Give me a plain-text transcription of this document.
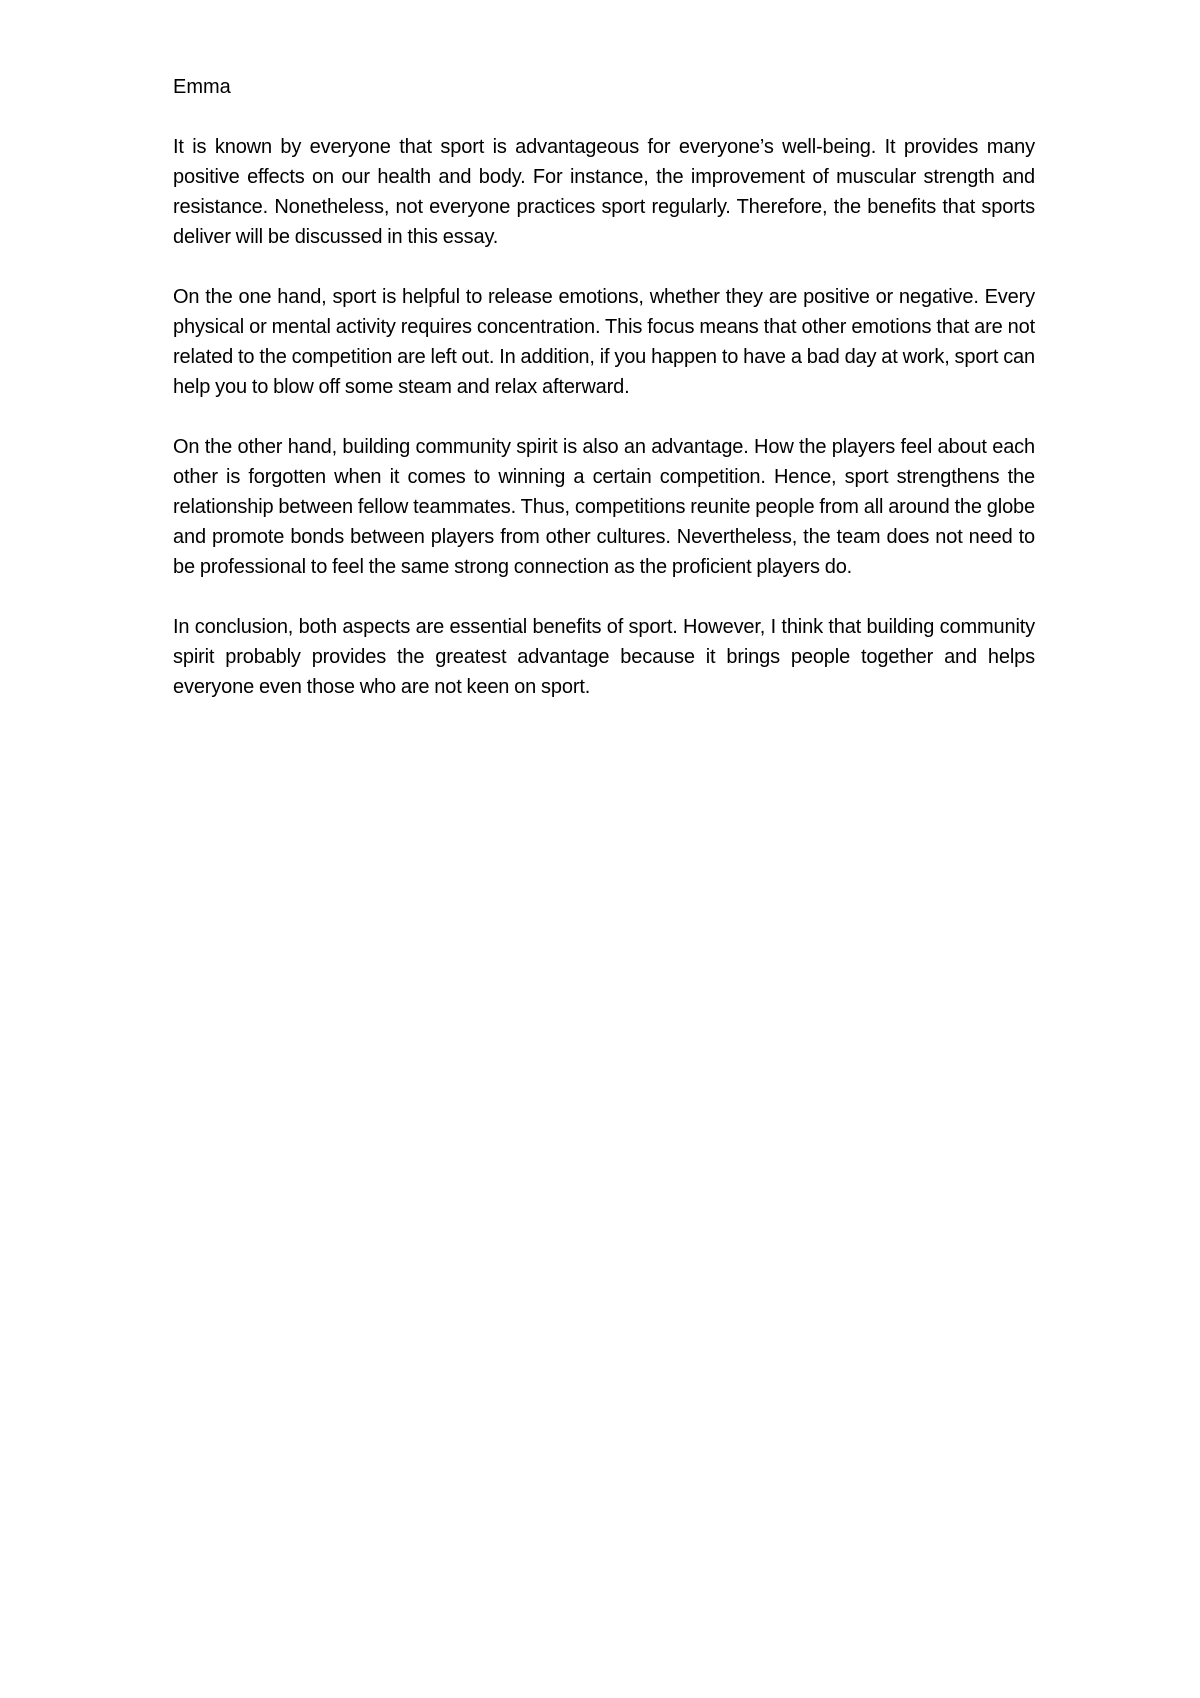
Emma

It is known by everyone that sport is advantageous for everyone’s well-being. It provides many positive effects on our health and body. For instance, the improvement of muscular strength and resistance. Nonetheless, not everyone practices sport regularly. Therefore, the benefits that sports deliver will be discussed in this essay.

On the one hand, sport is helpful to release emotions, whether they are positive or negative. Every physical or mental activity requires concentration. This focus means that other emotions that are not related to the competition are left out. In addition, if you happen to have a bad day at work, sport can help you to blow off some steam and relax afterward.

On the other hand, building community spirit is also an advantage. How the players feel about each other is forgotten when it comes to winning a certain competition. Hence, sport strengthens the relationship between fellow teammates. Thus, competitions reunite people from all around the globe and promote bonds between players from other cultures. Nevertheless, the team does not need to be professional to feel the same strong connection as the proficient players do.

In conclusion, both aspects are essential benefits of sport. However, I think that building community spirit probably provides the greatest advantage because it brings people together and helps everyone even those who are not keen on sport.
